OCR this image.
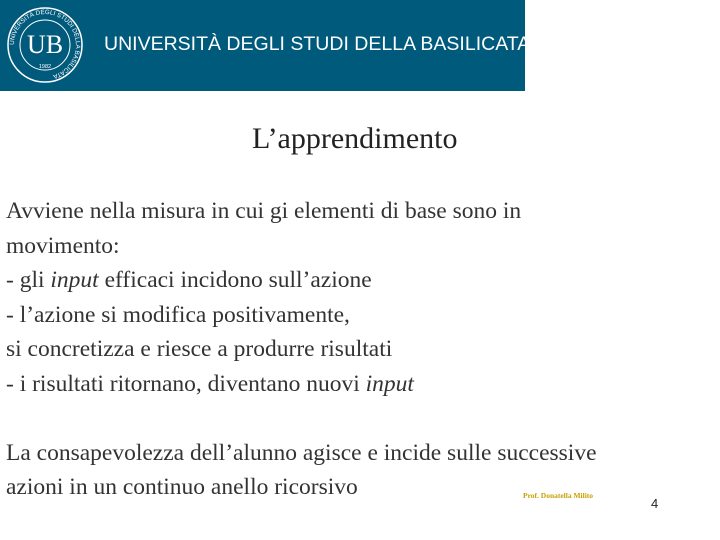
UNIVERSITÀ DEGLI STUDI DELLA BASILICATA
UB
1982
UNIVERSITÀ DEGLI STUDI DELLA BASILICATA
L’apprendimento

Avviene nella misura in cui gi elementi di base sono in

movimento:

- gli input efficaci incidono sull’azione

- l’azione si modifica positivamente,

si concretizza e riesce a produrre risultati

- i risultati ritornano, diventano nuovi input

La consapevolezza dell’alunno agisce e incide sulle successive

azioni in un continuo anello ricorsivo	Prof. Donatella Milito
4
